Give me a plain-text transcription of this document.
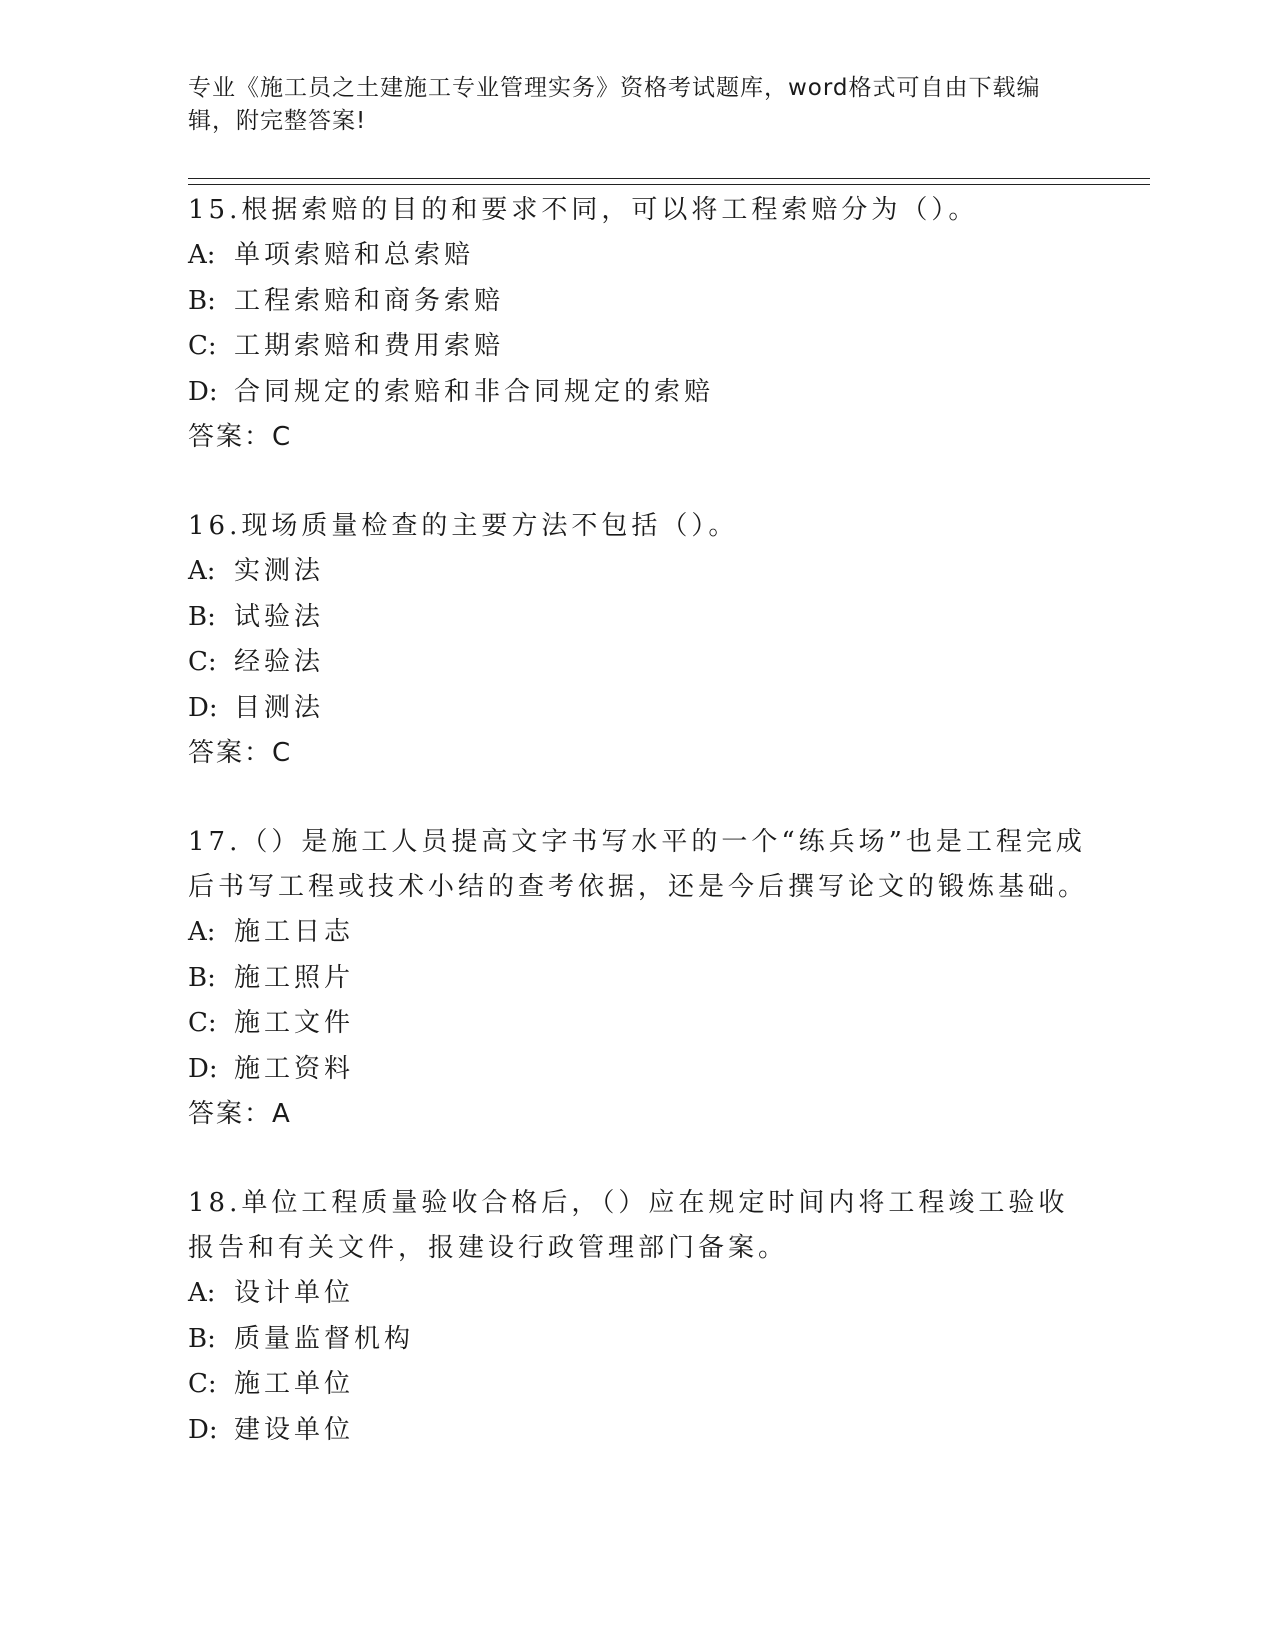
专业《施工员之土建施工专业管理实务》资格考试题库，word格式可自由下载编辑，附完整答案!
15.根据索赔的目的和要求不同，可以将工程索赔分为（）。
A: 单项索赔和总索赔
B: 工程索赔和商务索赔
C: 工期索赔和费用索赔
D: 合同规定的索赔和非合同规定的索赔
答案：C
16.现场质量检查的主要方法不包括（）。
A: 实测法
B: 试验法
C: 经验法
D: 目测法
答案：C
17.（）是施工人员提高文字书写水平的一个“练兵场”也是工程完成后书写工程或技术小结的查考依据，还是今后撰写论文的锻炼基础。
A: 施工日志
B: 施工照片
C: 施工文件
D: 施工资料
答案：A
18.单位工程质量验收合格后，（）应在规定时间内将工程竣工验收报告和有关文件，报建设行政管理部门备案。
A: 设计单位
B: 质量监督机构
C: 施工单位
D: 建设单位
